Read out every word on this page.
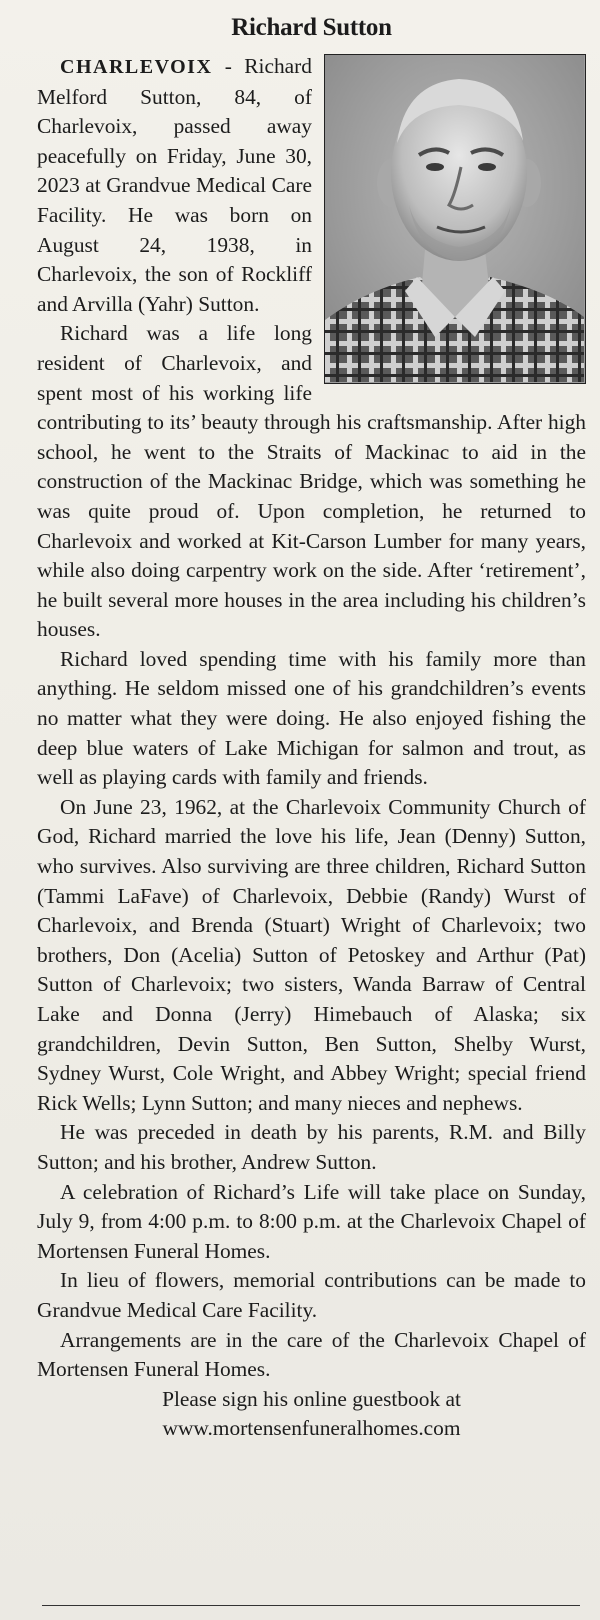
Richard Sutton

CHARLEVOIX - Richard Melford Sutton, 84, of Charlevoix, passed away peacefully on Friday, June 30, 2023 at Grandvue Medical Care Facility. He was born on August 24, 1938, in Charlevoix, the son of Rockliff and Arvilla (Yahr) Sutton.

Richard was a life long resident of Charlevoix, and spent most of his working life contributing to its’ beauty through his craftsmanship. After high school, he went to the Straits of Mackinac to aid in the construction of the Mackinac Bridge, which was something he was quite proud of. Upon completion, he returned to Charlevoix and worked at Kit-Carson Lumber for many years, while also doing carpentry work on the side. After ‘retirement’, he built several more houses in the area including his children’s houses.

Richard loved spending time with his family more than anything. He seldom missed one of his grandchildren’s events no matter what they were doing. He also enjoyed fishing the deep blue waters of Lake Michigan for salmon and trout, as well as playing cards with family and friends.

On June 23, 1962, at the Charlevoix Community Church of God, Richard married the love his life, Jean (Denny) Sutton, who survives. Also surviving are three children, Richard Sutton (Tammi LaFave) of Charlevoix, Debbie (Randy) Wurst of Charlevoix, and Brenda (Stuart) Wright of Charlevoix; two brothers, Don (Acelia) Sutton of Petoskey and Arthur (Pat) Sutton of Charlevoix; two sisters, Wanda Barraw of Central Lake and Donna (Jerry) Himebauch of Alaska; six grandchildren, Devin Sutton, Ben Sutton, Shelby Wurst, Sydney Wurst, Cole Wright, and Abbey Wright; special friend Rick Wells; Lynn Sutton; and many nieces and nephews.

He was preceded in death by his parents, R.M. and Billy Sutton; and his brother, Andrew Sutton.

A celebration of Richard’s Life will take place on Sunday, July 9, from 4:00 p.m. to 8:00 p.m. at the Charlevoix Chapel of Mortensen Funeral Homes.

In lieu of flowers, memorial contributions can be made to Grandvue Medical Care Facility.

Arrangements are in the care of the Charlevoix Chapel of Mortensen Funeral Homes.

Please sign his online guestbook at

www.mortensenfuneralhomes.com
